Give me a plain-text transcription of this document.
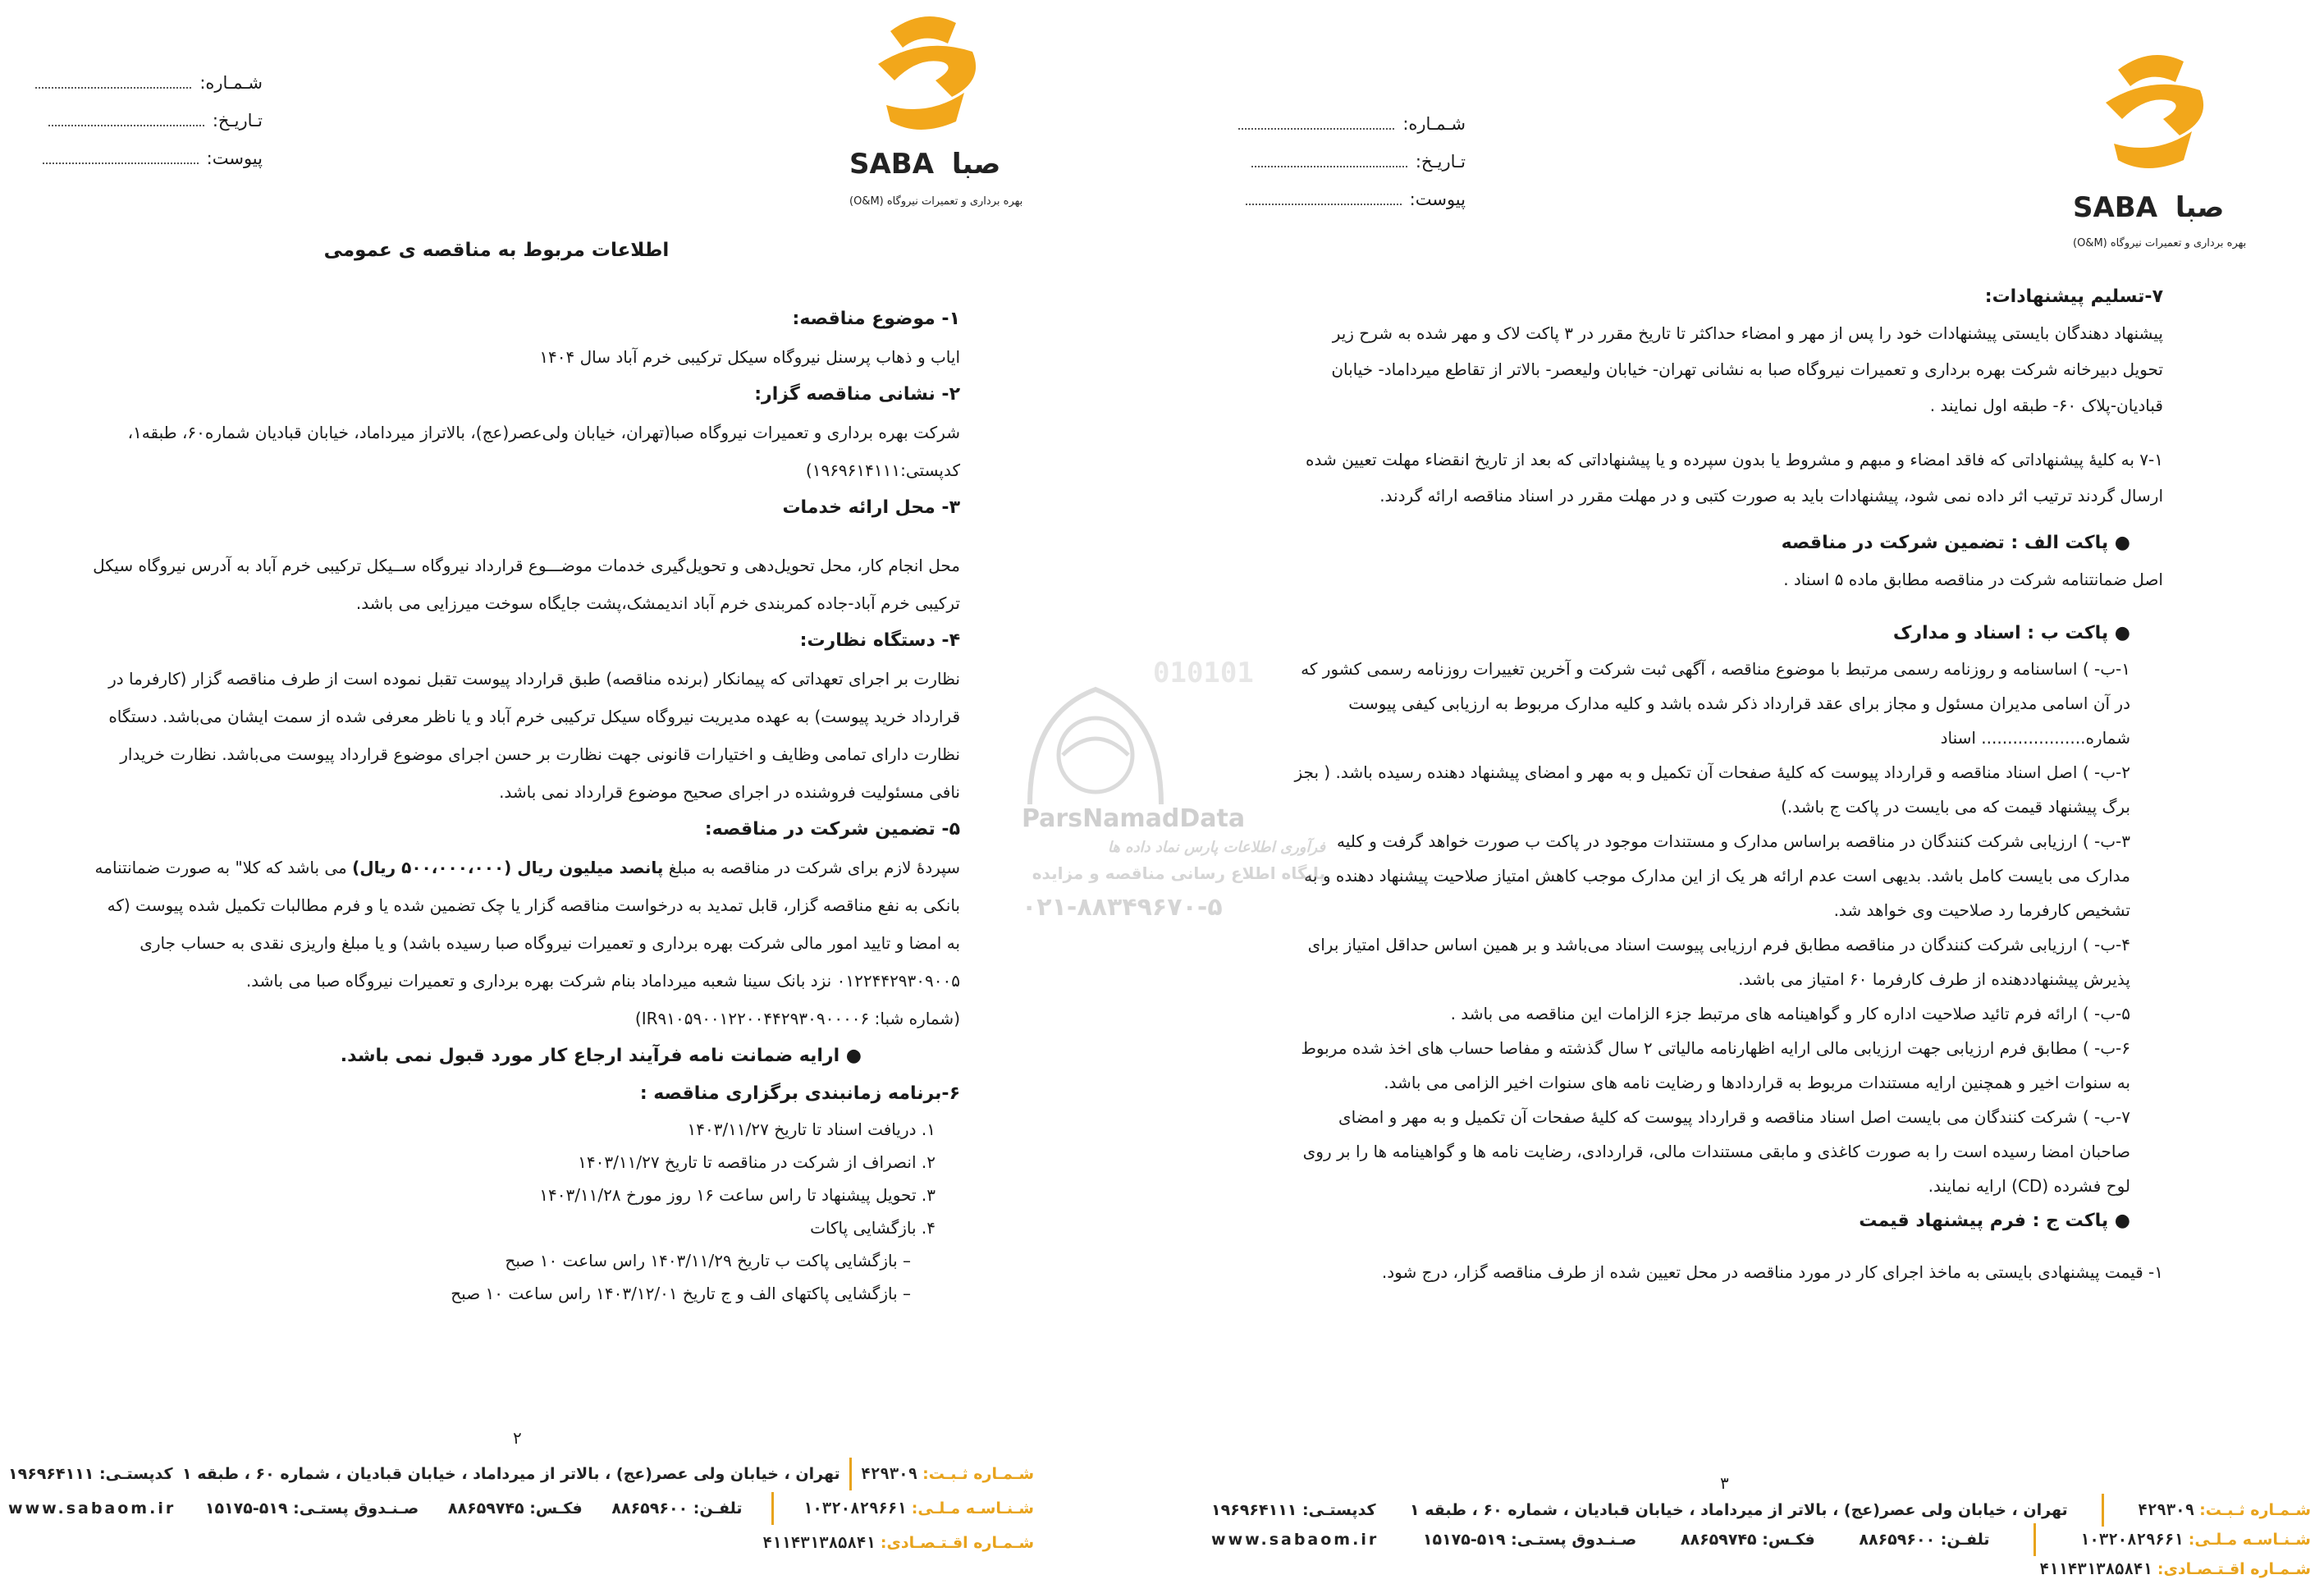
SABA صبا
بهره برداری و تعمیرات نیروگاه (O&M)
شـمـاره:
تـاریـخ:
پیوست:
اطلاعات مربوط به مناقصه ی عمومی
۱- موضوع مناقصه:

ایاب و ذهاب پرسنل نیروگاه سیکل ترکیبی خرم آباد سال ۱۴۰۴

۲- نشانی مناقصه گزار:

شرکت بهره برداری و تعمیرات نیروگاه صبا(تهران، خیابان ولی‌عصر(عج)، بالاتراز میرداماد، خیابان قبادیان شماره۶۰، طبقه۱، کدپستی:۱۹۶۹۶۱۴۱۱۱)

۳- محل ارائه خدمات

محل انجام کار، محل تحویل‌دهی و تحویل‌گیری خدمات موضـــوع قرارداد نیروگاه ســیکل ترکیبی خرم آباد به آدرس نیروگاه سیکل ترکیبی خرم آباد-جاده کمربندی خرم آباد اندیمشک،پشت جایگاه سوخت میرزایی می باشد.

۴- دستگاه نظارت:

نظارت بر اجرای تعهداتی که پیمانکار (برنده مناقصه) طبق قرارداد پیوست تقبل نموده است از طرف مناقصه گزار (کارفرما در قرارداد خرید پیوست) به عهده مدیریت نیروگاه سیکل ترکیبی خرم آباد و یا ناظر معرفی شده از سمت ایشان می‌باشد. دستگاه نظارت دارای تمامی وظایف و اختیارات قانونی جهت نظارت بر حسن اجرای موضوع قرارداد پیوست می‌باشد. نظارت خریدار نافی مسئولیت فروشنده در اجرای صحیح موضوع قرارداد نمی باشد.

۵- تضمین شرکت در مناقصه:

سپردهٔ لازم برای شرکت در مناقصه به مبلغ پانصد میلیون ریال (۵۰۰،۰۰۰،۰۰۰ ریال) می باشد که کلا" به صورت ضمانتنامه بانکی به نفع مناقصه گزار، قابل تمدید به درخواست مناقصه گزار یا چک تضمین شده یا و فرم مطالبات تکمیل شده پیوست (که به امضا و تایید امور مالی شرکت بهره برداری و تعمیرات نیروگاه صبا رسیده باشد) و یا مبلغ واریزی نقدی به حساب جاری ۰۱۲۲۴۴۲۹۳۰۹۰۰۵ نزد بانک سینا شعبه میرداماد بنام شرکت بهره برداری و تعمیرات نیروگاه صبا می باشد.

(شماره شبا: IR۹۱۰۵۹۰۰۱۲۲۰۰۴۴۲۹۳۰۹۰۰۰۰۶)

● ارایه ضمانت نامه فرآیند ارجاع کار مورد قبول نمی باشد.
۶-برنامه زمانبندی برگزاری مناقصه :
۱. دریافت اسناد تا تاریخ ۱۴۰۳/۱۱/۲۷
۲. انصراف از شرکت در مناقصه تا تاریخ ۱۴۰۳/۱۱/۲۷
۳. تحویل پیشنهاد تا راس ساعت ۱۶ روز مورخ ۱۴۰۳/۱۱/۲۸
۴. بازگشایی پاکات
– بازگشایی پاکت ب تاریخ ۱۴۰۳/۱۱/۲۹ راس ساعت ۱۰ صبح
– بازگشایی پاکتهای الف و ج تاریخ ۱۴۰۳/۱۲/۰۱ راس ساعت ۱۰ صبح
۲
شـمـاره ثـبـت: ۴۲۹۳۰۹
تهران ، خیابان ولی عصر(عج) ، بالاتر از میرداماد ، خیابان قبادیان ، شماره ۶۰ ، طبقه ۱
کدپستـی: ۱۹۶۹۶۴۱۱۱
شـنـاسـه مـلـی: ۱۰۳۲۰۸۲۹۶۶۱
تلفـن: ۸۸۶۵۹۶۰۰
فکـس: ۸۸۶۵۹۷۴۵
صـنـدوق پستـی: ۵۱۹-۱۵۱۷۵
www.sabaom.ir
شـمـاره اقـتـصـادی: ۴۱۱۴۳۱۳۸۵۸۴۱
SABA صبا
بهره برداری و تعمیرات نیروگاه (O&M)
شـمـاره:
تـاریـخ:
پیوست:
۷-تسلیم پیشنهادات:

پیشنهاد دهندگان بایستی پیشنهادات خود را پس از مهر و امضاء حداکثر تا تاریخ مقرر در ۳ پاکت لاک و مهر شده به شرح زیر تحویل دبیرخانه شرکت بهره برداری و تعمیرات نیروگاه صبا به نشانی تهران- خیابان ولیعصر- بالاتر از تقاطع میرداماد- خیابان قبادیان-پلاک ۶۰- طبقه اول نمایند .

۷-۱ به کلیهٔ پیشنهاداتی که فاقد امضاء و مبهم و مشروط یا بدون سپرده و یا پیشنهاداتی که بعد از تاریخ انقضاء مهلت تعیین شده ارسال گردند ترتیب اثر داده نمی شود، پیشنهادات باید به صورت کتبی و در مهلت مقرر در اسناد مناقصه ارائه گردند.

● پاکت الف : تضمین شرکت در مناقصه

اصل ضمانتنامه شرکت در مناقصه مطابق ماده ۵ اسناد .

● پاکت ب : اسناد و مدارک

۱-ب- ) اساسنامه و روزنامه رسمی مرتبط با موضوع مناقصه ، آگهی ثبت شرکت و آخرین تغییرات روزنامه رسمی کشور که در آن اسامی مدیران مسئول و مجاز برای عقد قرارداد ذکر شده باشد و کلیه مدارک مربوط به ارزیابی کیفی پیوست شماره.................... اسناد

۲-ب- ) اصل اسناد مناقصه و قرارداد پیوست که کلیهٔ صفحات آن تکمیل و به مهر و امضای پیشنهاد دهنده رسیده باشد. ( بجز برگ پیشنهاد قیمت که می بایست در پاکت ج باشد.)

۳-ب- ) ارزیابی شرکت کنندگان در مناقصه براساس مدارک و مستندات موجود در پاکت ب صورت خواهد گرفت و کلیه مدارک می بایست کامل باشد. بدیهی است عدم ارائه هر یک از این مدارک موجب کاهش امتیاز صلاحیت پیشنهاد دهنده و به تشخیص کارفرما رد صلاحیت وی خواهد شد.

۴-ب- ) ارزیابی شرکت کنندگان در مناقصه مطابق فرم ارزیابی پیوست اسناد می‌باشد و بر همین اساس حداقل امتیاز برای پذیرش پیشنهاددهنده از طرف کارفرما ۶۰ امتیاز می باشد.

۵-ب- ) ارائه فرم تائید صلاحیت اداره کار و گواهینامه های مرتبط جزء الزامات این مناقصه می باشد .

۶-ب- ) مطابق فرم ارزیابی جهت ارزیابی مالی ارایه اظهارنامه مالیاتی ۲ سال گذشته و مفاصا حساب های اخذ شده مربوط به سنوات اخیر و همچنین ارایه مستندات مربوط به قراردادها و رضایت نامه های سنوات اخیر الزامی می باشد.

۷-ب- ) شرکت کنندگان می بایست اصل اسناد مناقصه و قرارداد پیوست که کلیهٔ صفحات آن تکمیل و به مهر و امضای صاحبان امضا رسیده است را به صورت کاغذی و مابقی مستندات مالی، قراردادی، رضایت نامه ها و گواهینامه ها را بر روی لوح فشرده (CD) ارایه نمایند.

● پاکت ج : فرم پیشنهاد قیمت

۱- قیمت پیشنهادی بایستی به ماخذ اجرای کار در مورد مناقصه در محل تعیین شده از طرف مناقصه گزار، درج شود.

۳
شـمـاره ثـبـت: ۴۲۹۳۰۹
تهران ، خیابان ولی عصر(عج) ، بالاتر از میرداماد ، خیابان قبادیان ، شماره ۶۰ ، طبقه ۱
کدپستـی: ۱۹۶۹۶۴۱۱۱
شـنـاسـه مـلـی: ۱۰۳۲۰۸۲۹۶۶۱
تلفـن: ۸۸۶۵۹۶۰۰
فکـس: ۸۸۶۵۹۷۴۵
صـنـدوق پستـی: ۵۱۹-۱۵۱۷۵
www.sabaom.ir
شـمـاره اقـتـصـادی: ۴۱۱۴۳۱۳۸۵۸۴۱
010101
ParsNamadData
فرآوری اطلاعات پارس نماد داده ها
پایگاه اطلاع رسانی مناقصه و مزایده
۰۲۱-۸۸۳۴۹۶۷۰-۵
